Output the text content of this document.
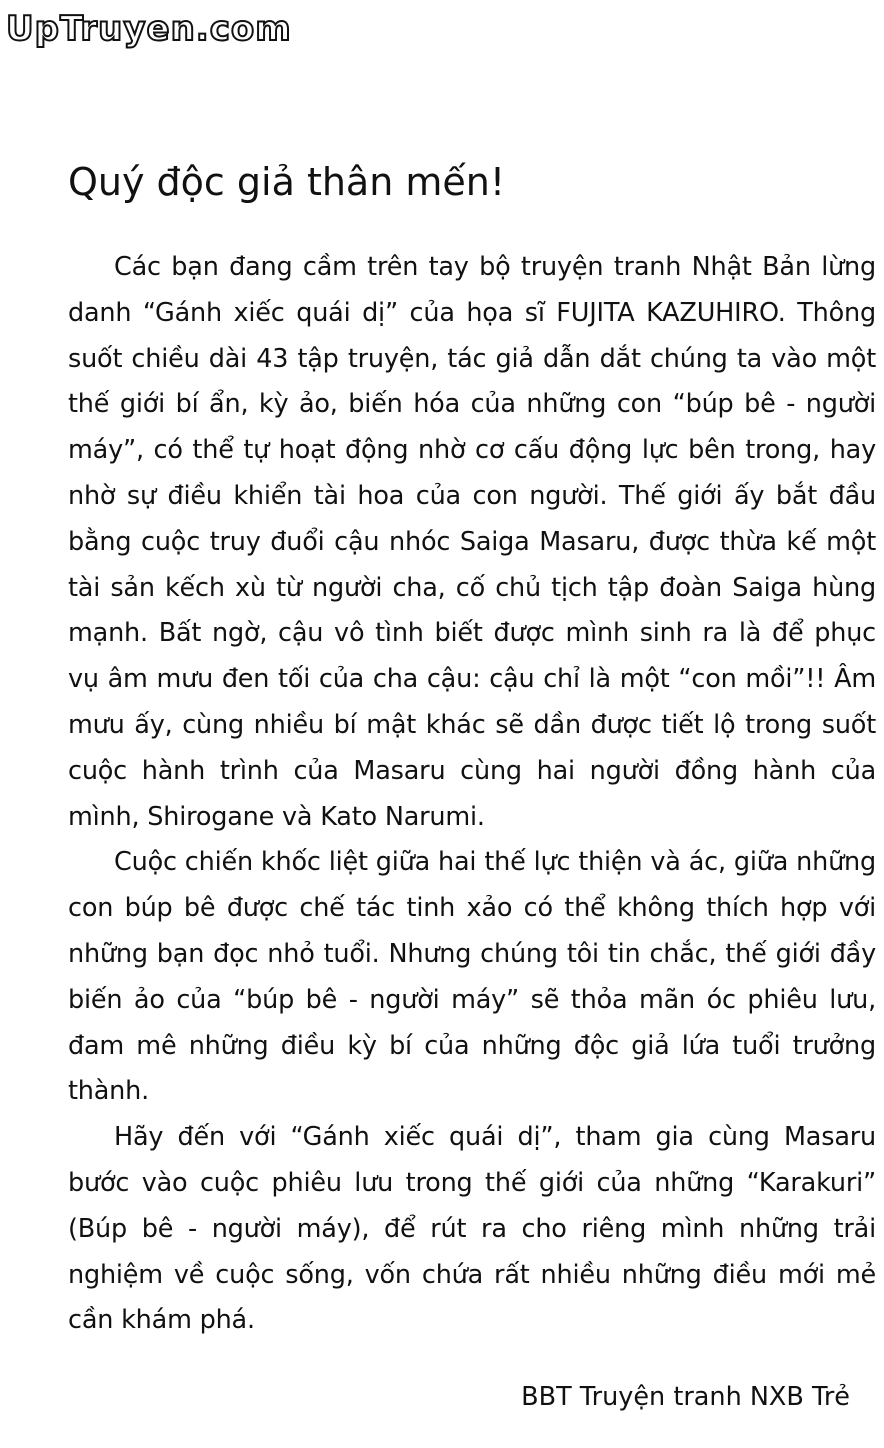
UpTruyen.com
Quý độc giả thân mến!

Các bạn đang cầm trên tay bộ truyện tranh Nhật Bản lừng danh “Gánh xiếc quái dị” của họa sĩ FUJITA KAZUHIRO. Thông suốt chiều dài 43 tập truyện, tác giả dẫn dắt chúng ta vào một thế giới bí ẩn, kỳ ảo, biến hóa của những con “búp bê - người máy”, có thể tự hoạt động nhờ cơ cấu động lực bên trong, hay nhờ sự điều khiển tài hoa của con người. Thế giới ấy bắt đầu bằng cuộc truy đuổi cậu nhóc Saiga Masaru, được thừa kế một tài sản kếch xù từ người cha, cố chủ tịch tập đoàn Saiga hùng mạnh. Bất ngờ, cậu vô tình biết được mình sinh ra là để phục vụ âm mưu đen tối của cha cậu: cậu chỉ là một “con mồi”!! Âm mưu ấy, cùng nhiều bí mật khác sẽ dần được tiết lộ trong suốt cuộc hành trình của Masaru cùng hai người đồng hành của mình, Shirogane và Kato Narumi.

Cuộc chiến khốc liệt giữa hai thế lực thiện và ác, giữa những con búp bê được chế tác tinh xảo có thể không thích hợp với những bạn đọc nhỏ tuổi. Nhưng chúng tôi tin chắc, thế giới đầy biến ảo của “búp bê - người máy” sẽ thỏa mãn óc phiêu lưu, đam mê những điều kỳ bí của những độc giả lứa tuổi trưởng thành.

Hãy đến với “Gánh xiếc quái dị”, tham gia cùng Masaru bước vào cuộc phiêu lưu trong thế giới của những “Karakuri” (Búp bê - người máy), để rút ra cho riêng mình những trải nghiệm về cuộc sống, vốn chứa rất nhiều những điều mới mẻ cần khám phá.

BBT Truyện tranh NXB Trẻ
